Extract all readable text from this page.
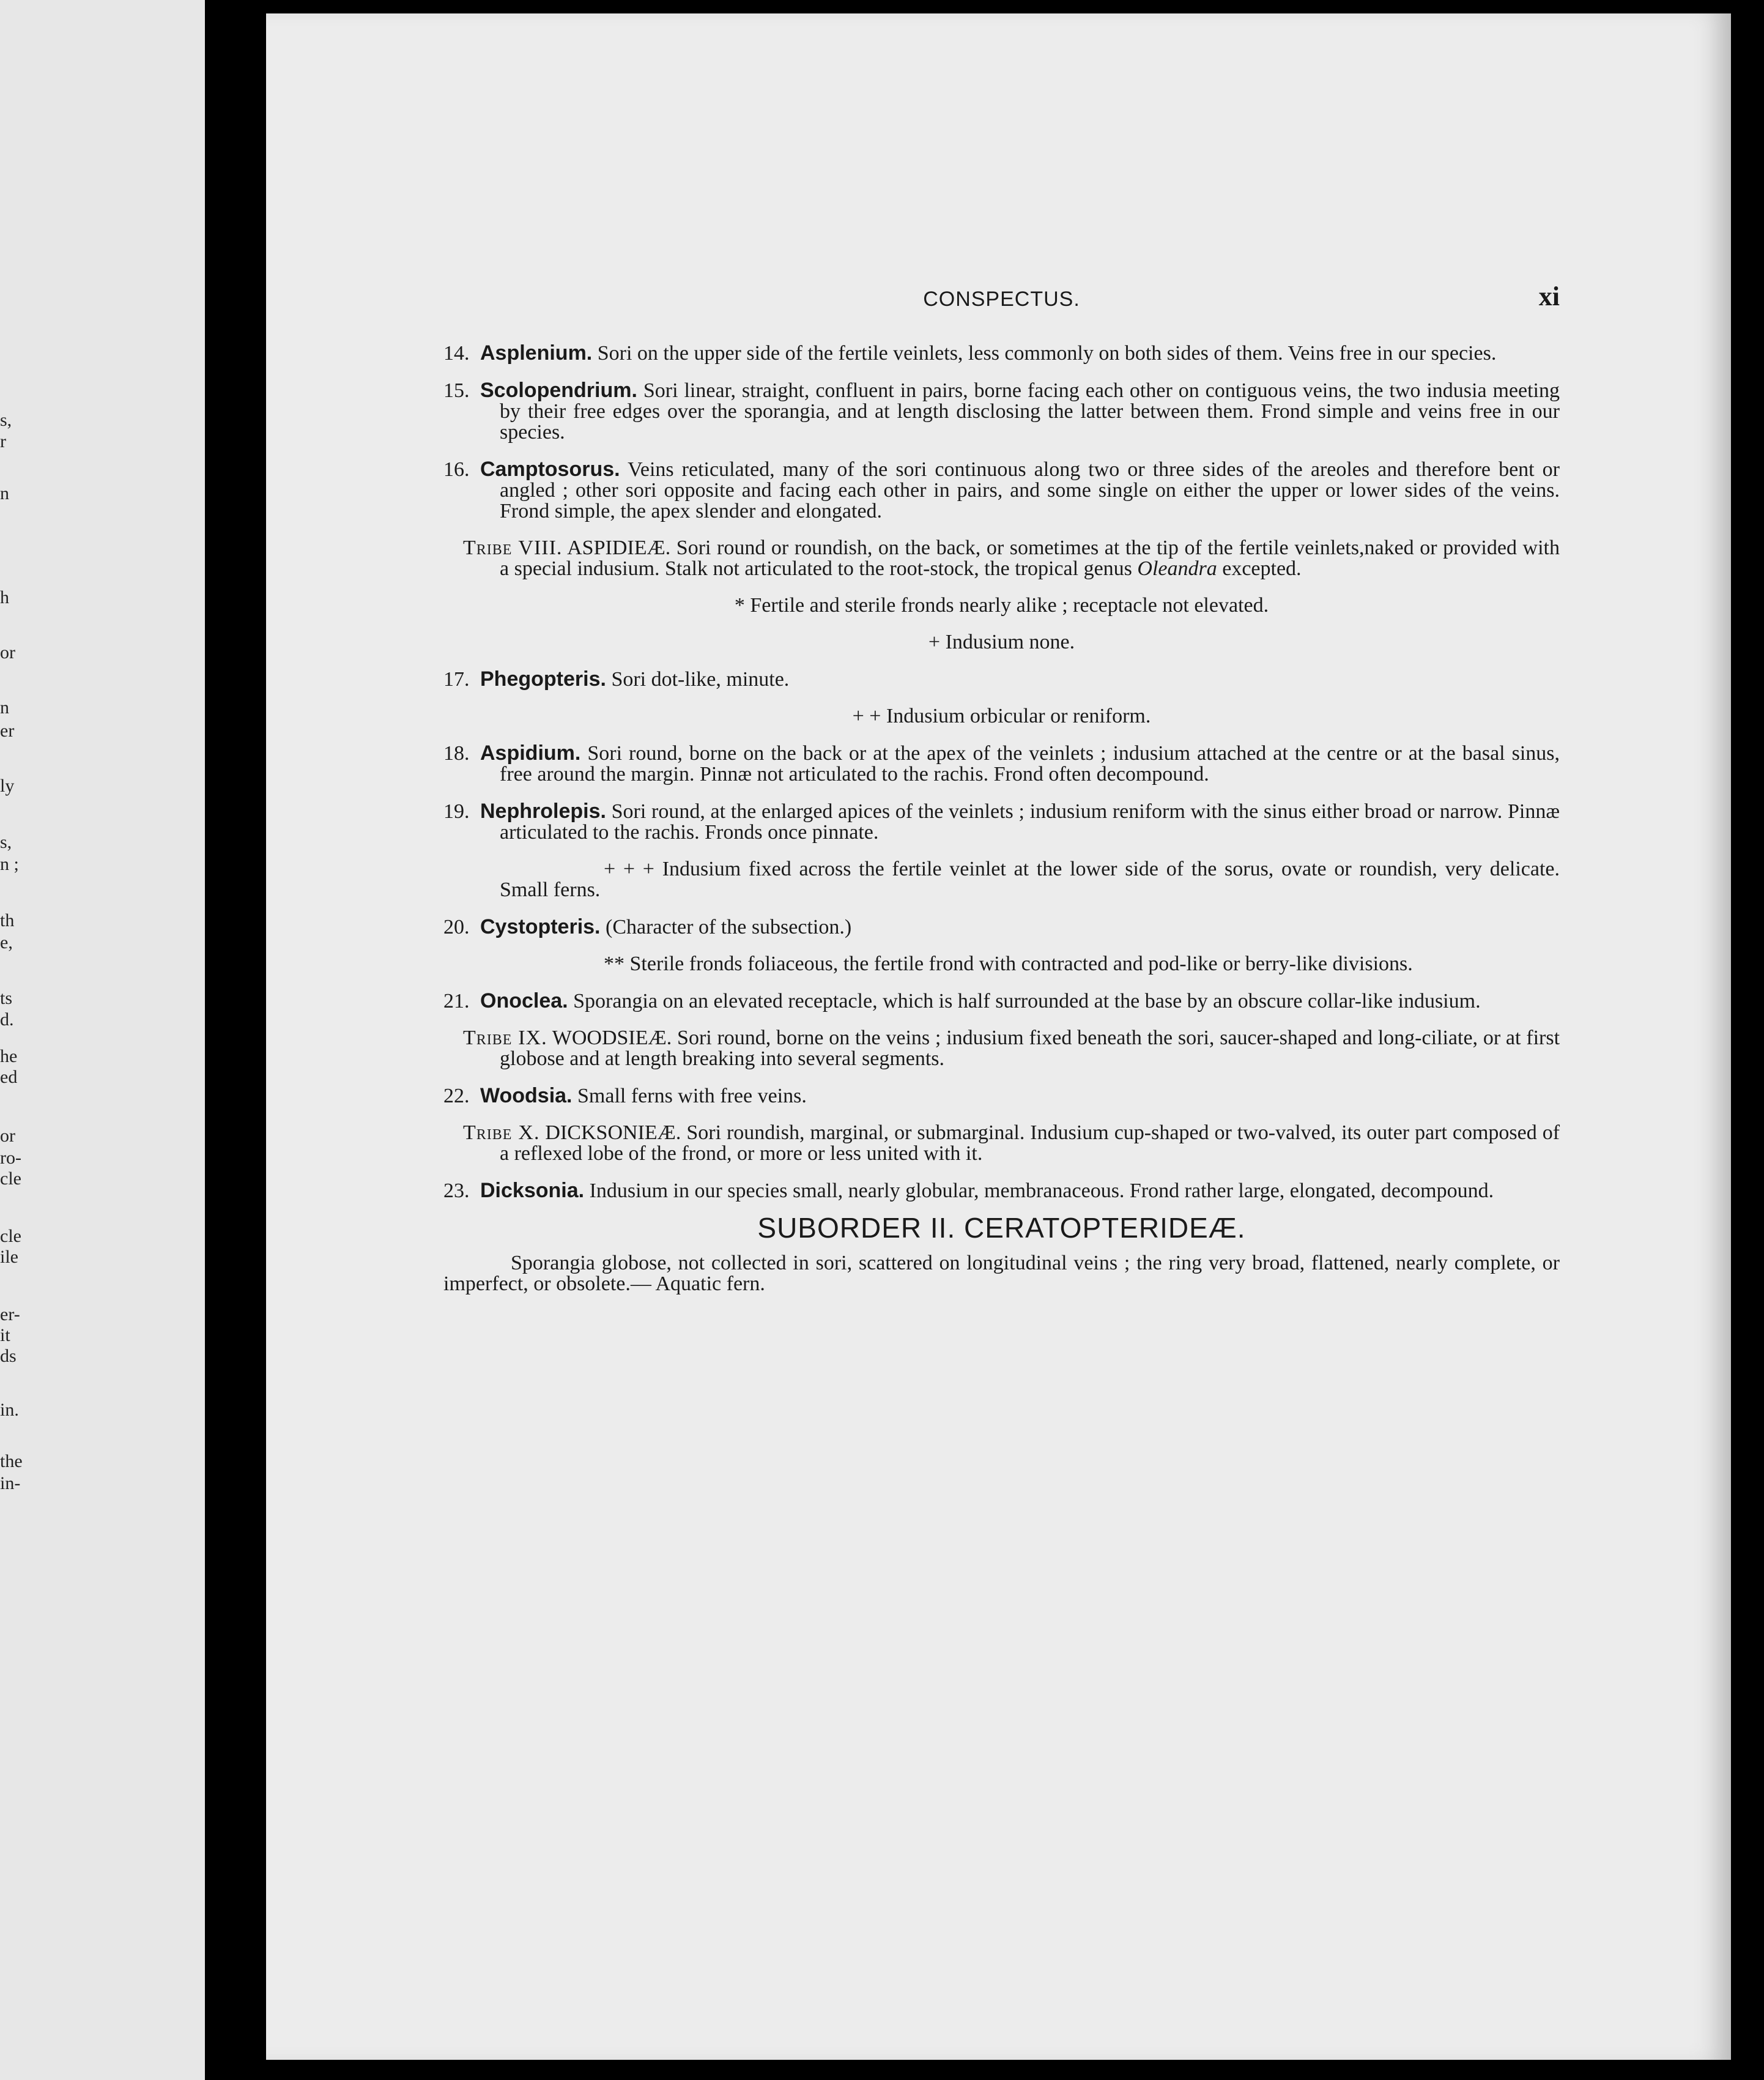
s,
r
n
h
or
n
er
ly
s,
n ;
th
e,
ts
d.
he
ed
or
ro-
cle
cle
ile
er-
it
ds
in.
the
in-
CONSPECTUS.	xi

14. Asplenium. Sori on the upper side of the fertile veinlets, less commonly on both sides of them. Veins free in our species.

15. Scolopendrium. Sori linear, straight, confluent in pairs, borne facing each other on contiguous veins, the two indusia meeting by their free edges over the sporangia, and at length disclosing the latter between them. Frond simple and veins free in our species.

16. Camptosorus. Veins reticulated, many of the sori continuous along two or three sides of the areoles and therefore bent or angled ; other sori opposite and facing each other in pairs, and some single on either the upper or lower sides of the veins. Frond simple, the apex slender and elongated.

Tribe VIII. ASPIDIEÆ. Sori round or roundish, on the back, or sometimes at the tip of the fertile veinlets,naked or provided with a special indusium. Stalk not articulated to the root-stock, the tropical genus Oleandra excepted.

* Fertile and sterile fronds nearly alike ; receptacle not elevated.

+ Indusium none.

17. Phegopteris. Sori dot-like, minute.

+ + Indusium orbicular or reniform.

18. Aspidium. Sori round, borne on the back or at the apex of the veinlets ; indusium attached at the centre or at the basal sinus, free around the margin. Pinnæ not articulated to the rachis. Frond often decompound.

19. Nephrolepis. Sori round, at the enlarged apices of the veinlets ; indusium reniform with the sinus either broad or narrow. Pinnæ articulated to the rachis. Fronds once pinnate.

+ + + Indusium fixed across the fertile veinlet at the lower side of the sorus, ovate or roundish, very delicate. Small ferns.

20. Cystopteris. (Character of the subsection.)

** Sterile fronds foliaceous, the fertile frond with contracted and pod-like or berry-like divisions.

21. Onoclea. Sporangia on an elevated receptacle, which is half surrounded at the base by an obscure collar-like indusium.

Tribe IX. WOODSIEÆ. Sori round, borne on the veins ; indusium fixed beneath the sori, saucer-shaped and long-ciliate, or at first globose and at length breaking into several segments.

22. Woodsia. Small ferns with free veins.

Tribe X. DICKSONIEÆ. Sori roundish, marginal, or submarginal. Indusium cup-shaped or two-valved, its outer part composed of a reflexed lobe of the frond, or more or less united with it.

23. Dicksonia. Indusium in our species small, nearly globular, membranaceous. Frond rather large, elongated, decompound.

SUBORDER II. CERATOPTERIDEÆ.

Sporangia globose, not collected in sori, scattered on longitudinal veins ; the ring very broad, flattened, nearly complete, or imperfect, or obsolete.— Aquatic fern.
